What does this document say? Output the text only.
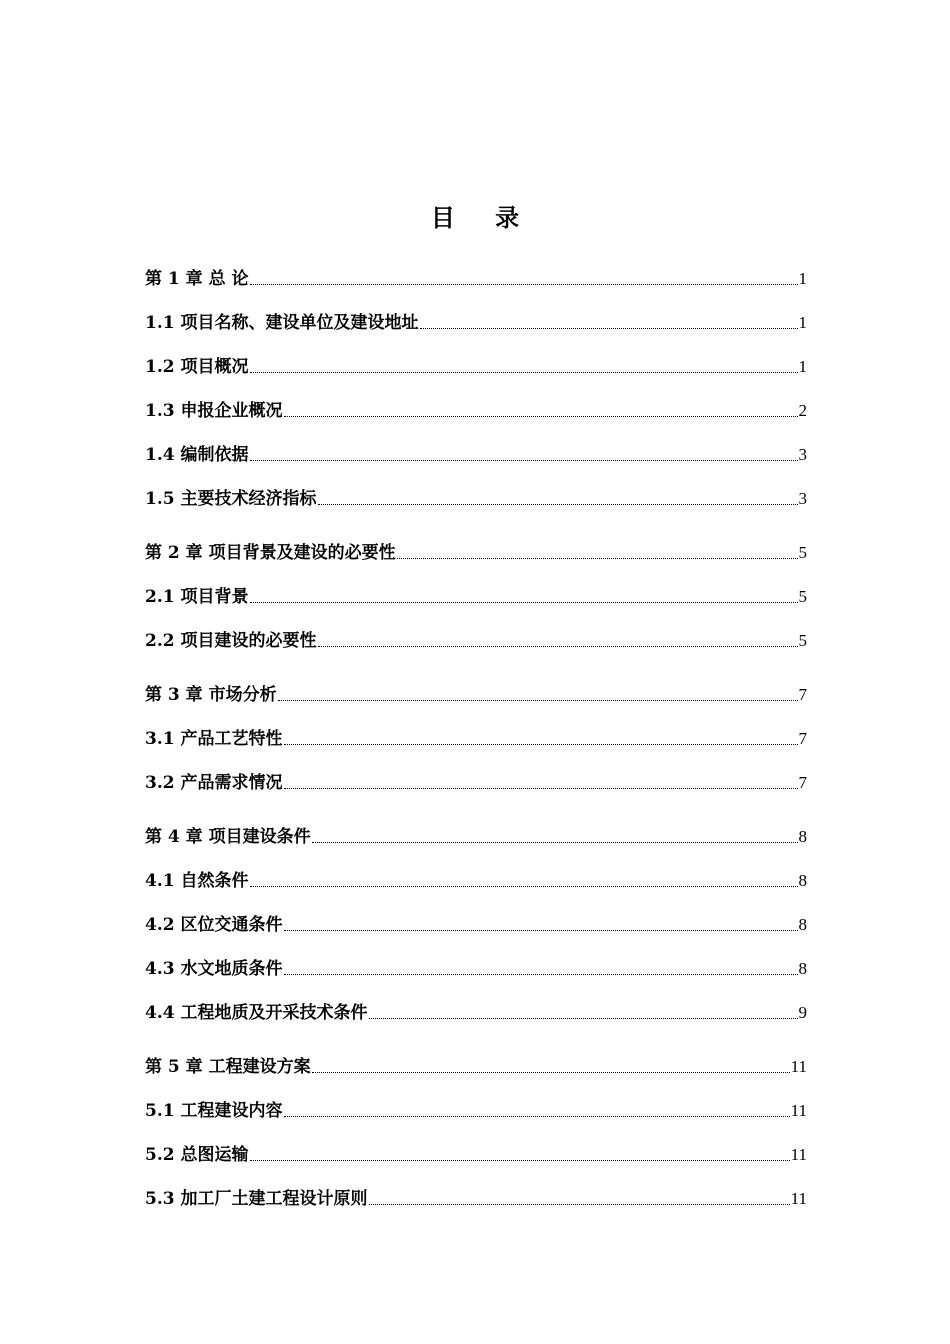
目 录
第 1 章 总 论	1
1.1 项目名称、建设单位及建设地址	1
1.2 项目概况	1
1.3 申报企业概况	2
1.4 编制依据	3
1.5 主要技术经济指标	3
第 2 章 项目背景及建设的必要性	5
2.1 项目背景	5
2.2 项目建设的必要性	5
第 3 章 市场分析	7
3.1 产品工艺特性	7
3.2 产品需求情况	7
第 4 章 项目建设条件	8
4.1 自然条件	8
4.2 区位交通条件	8
4.3 水文地质条件	8
4.4 工程地质及开采技术条件	9
第 5 章 工程建设方案	11
5.1 工程建设内容	11
5.2 总图运输	11
5.3 加工厂土建工程设计原则	11
